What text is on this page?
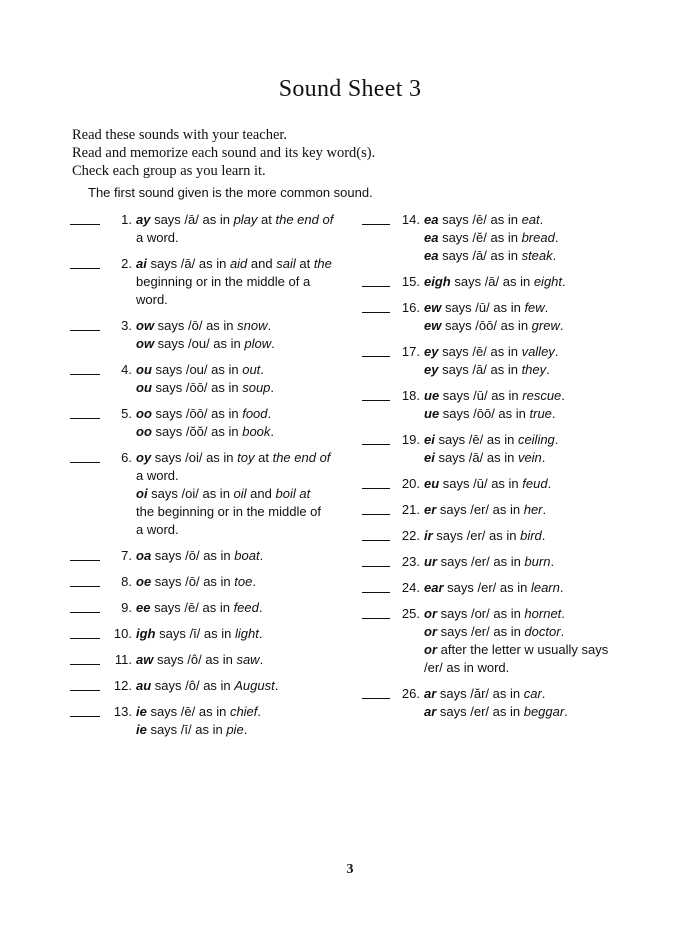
Sound Sheet 3
Read these sounds with your teacher.
Read and memorize each sound and its key word(s).
Check each group as you learn it.
The first sound given is the more common sound.
1. ay says /ā/ as in play at the end of
a word.
2. ai says /ā/ as in aid and sail at the
beginning or in the middle of a
word.
3. ow says /ō/ as in snow.
ow says /ou/ as in plow.
4. ou says /ou/ as in out.
ou says /ōō/ as in soup.
5. oo says /ōō/ as in food.
oo says /ŏŏ/ as in book.
6. oy says /oi/ as in toy at the end of
a word.
oi says /oi/ as in oil and boil at
the beginning or in the middle of
a word.
7. oa says /ō/ as in boat.
8. oe says /ō/ as in toe.
9. ee says /ē/ as in feed.
10. igh says /ī/ as in light.
11. aw says /ô/ as in saw.
12. au says /ô/ as in August.
13. ie says /ē/ as in chief.
ie says /ī/ as in pie.
14. ea says /ē/ as in eat.
ea says /ĕ/ as in bread.
ea says /ā/ as in steak.
15. eigh says /ā/ as in eight.
16. ew says /ū/ as in few.
ew says /ōō/ as in grew.
17. ey says /ē/ as in valley.
ey says /ā/ as in they.
18. ue says /ū/ as in rescue.
ue says /ōō/ as in true.
19. ei says /ē/ as in ceiling.
ei says /ā/ as in vein.
20. eu says /ū/ as in feud.
21. er says /er/ as in her.
22. ir says /er/ as in bird.
23. ur says /er/ as in burn.
24. ear says /er/ as in learn.
25. or says /or/ as in hornet.
or says /er/ as in doctor.
or after the letter w usually says
/er/ as in word.
26. ar says /ăr/ as in car.
ar says /er/ as in beggar.
3
